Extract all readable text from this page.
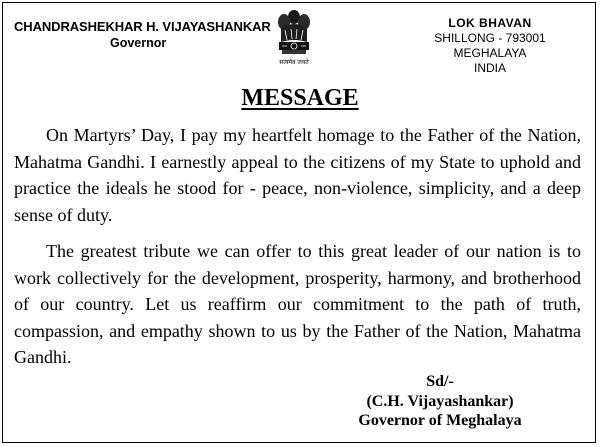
CHANDRASHEKHAR H. VIJAYASHANKAR
Governor
सत्यमेव जयते
LOK BHAVAN
SHILLONG - 793001
MEGHALAYA
INDIA
MESSAGE

On Martyrs’ Day, I pay my heartfelt homage to the Father of the Nation, Mahatma Gandhi. I earnestly appeal to the citizens of my State to uphold and practice the ideals he stood for - peace, non-violence, simplicity, and a deep sense of duty.

The greatest tribute we can offer to this great leader of our nation is to work collectively for the development, prosperity, harmony, and brotherhood of our country. Let us reaffirm our commitment to the path of truth, compassion, and empathy shown to us by the Father of the Nation, Mahatma Gandhi.

Sd/-
(C.H. Vijayashankar)
Governor of Meghalaya
